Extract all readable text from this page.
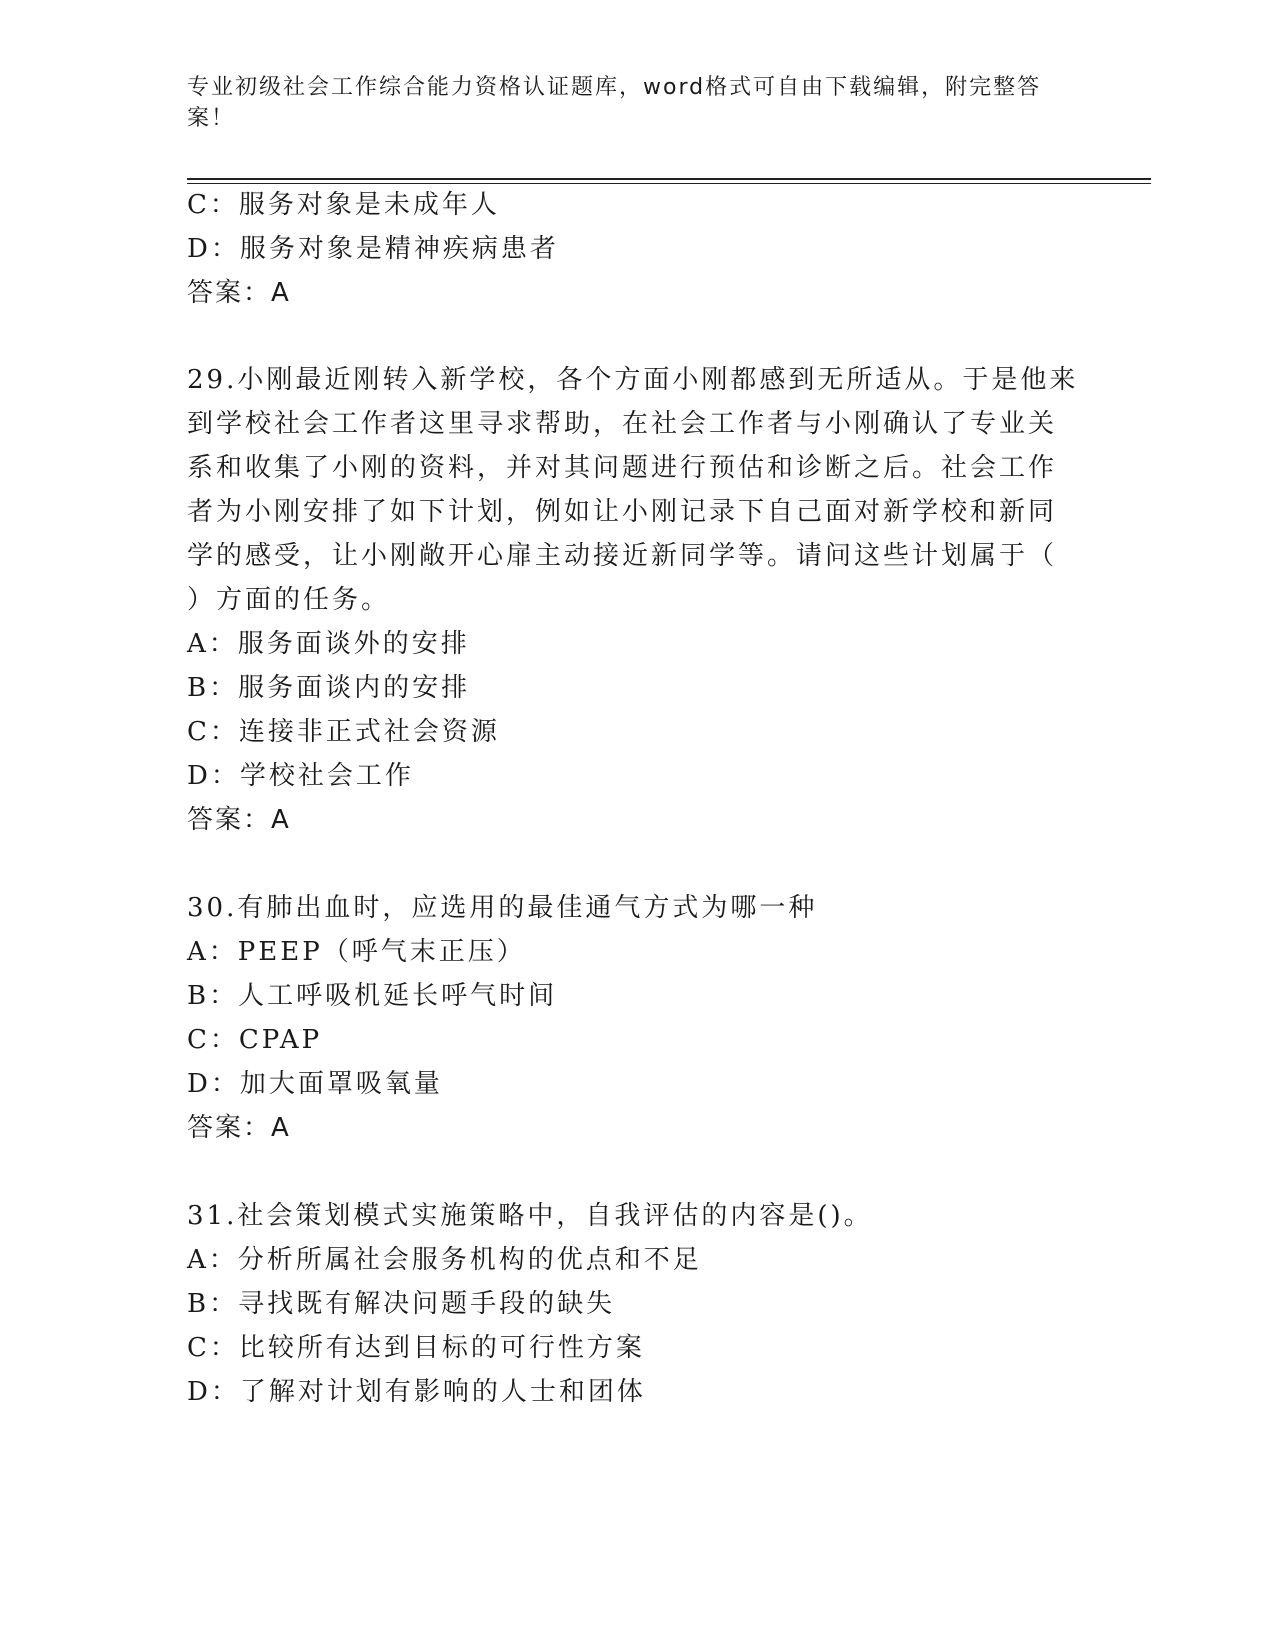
专业初级社会工作综合能力资格认证题库，word格式可自由下载编辑，附完整答
案！
C：服务对象是未成年人
D：服务对象是精神疾病患者
答案：A
29.小刚最近刚转入新学校，各个方面小刚都感到无所适从。于是他来
到学校社会工作者这里寻求帮助，在社会工作者与小刚确认了专业关
系和收集了小刚的资料，并对其问题进行预估和诊断之后。社会工作
者为小刚安排了如下计划，例如让小刚记录下自己面对新学校和新同
学的感受，让小刚敞开心扉主动接近新同学等。请问这些计划属于（
）方面的任务。
A：服务面谈外的安排
B：服务面谈内的安排
C：连接非正式社会资源
D：学校社会工作
答案：A
30.有肺出血时，应选用的最佳通气方式为哪一种
A：PEEP（呼气末正压）
B：人工呼吸机延长呼气时间
C：CPAP
D：加大面罩吸氧量
答案：A
31.社会策划模式实施策略中，自我评估的内容是()。
A：分析所属社会服务机构的优点和不足
B：寻找既有解决问题手段的缺失
C：比较所有达到目标的可行性方案
D：了解对计划有影响的人士和团体
